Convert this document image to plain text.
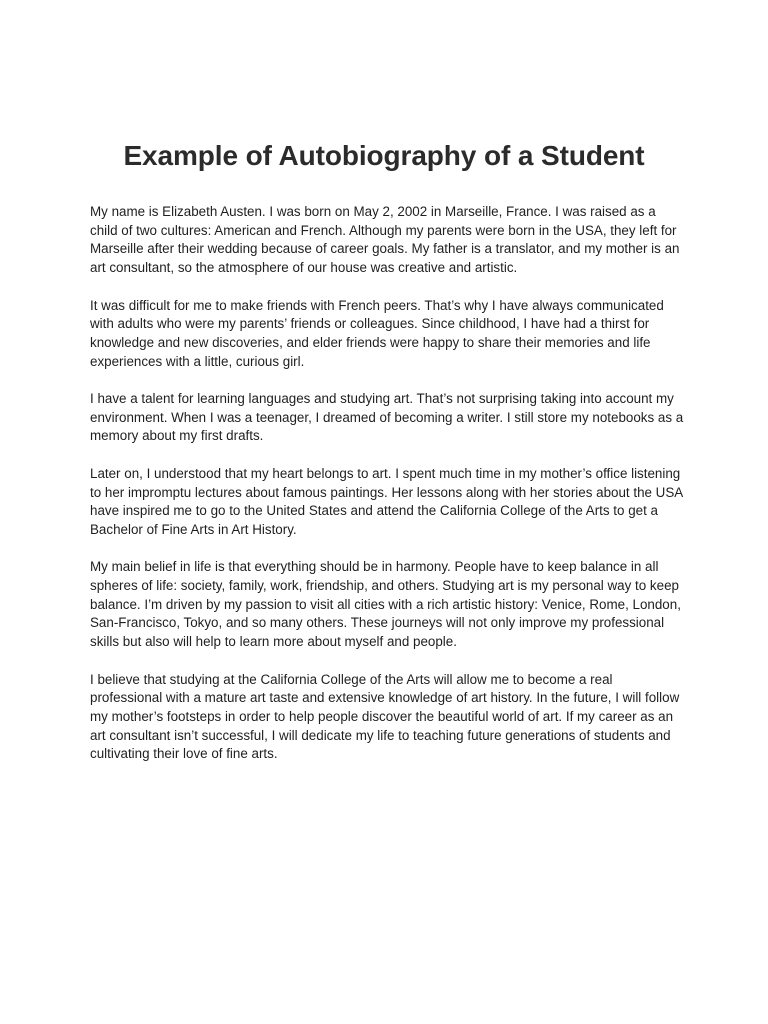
Example of Autobiography of a Student

My name is Elizabeth Austen. I was born on May 2, 2002 in Marseille, France. I was raised as a child of two cultures: American and French. Although my parents were born in the USA, they left for Marseille after their wedding because of career goals. My father is a translator, and my mother is an art consultant, so the atmosphere of our house was creative and artistic.

It was difficult for me to make friends with French peers. That’s why I have always communicated with adults who were my parents’ friends or colleagues. Since childhood, I have had a thirst for knowledge and new discoveries, and elder friends were happy to share their memories and life experiences with a little, curious girl.

I have a talent for learning languages and studying art. That’s not surprising taking into account my environment. When I was a teenager, I dreamed of becoming a writer. I still store my notebooks as a memory about my first drafts.

Later on, I understood that my heart belongs to art. I spent much time in my mother’s office listening to her impromptu lectures about famous paintings. Her lessons along with her stories about the USA have inspired me to go to the United States and attend the California College of the Arts to get a Bachelor of Fine Arts in Art History.

My main belief in life is that everything should be in harmony. People have to keep balance in all spheres of life: society, family, work, friendship, and others. Studying art is my personal way to keep balance. I’m driven by my passion to visit all cities with a rich artistic history: Venice, Rome, London, San-Francisco, Tokyo, and so many others. These journeys will not only improve my professional skills but also will help to learn more about myself and people.

I believe that studying at the California College of the Arts will allow me to become a real professional with a mature art taste and extensive knowledge of art history. In the future, I will follow my mother’s footsteps in order to help people discover the beautiful world of art. If my career as an art consultant isn’t successful, I will dedicate my life to teaching future generations of students and cultivating their love of fine arts.
